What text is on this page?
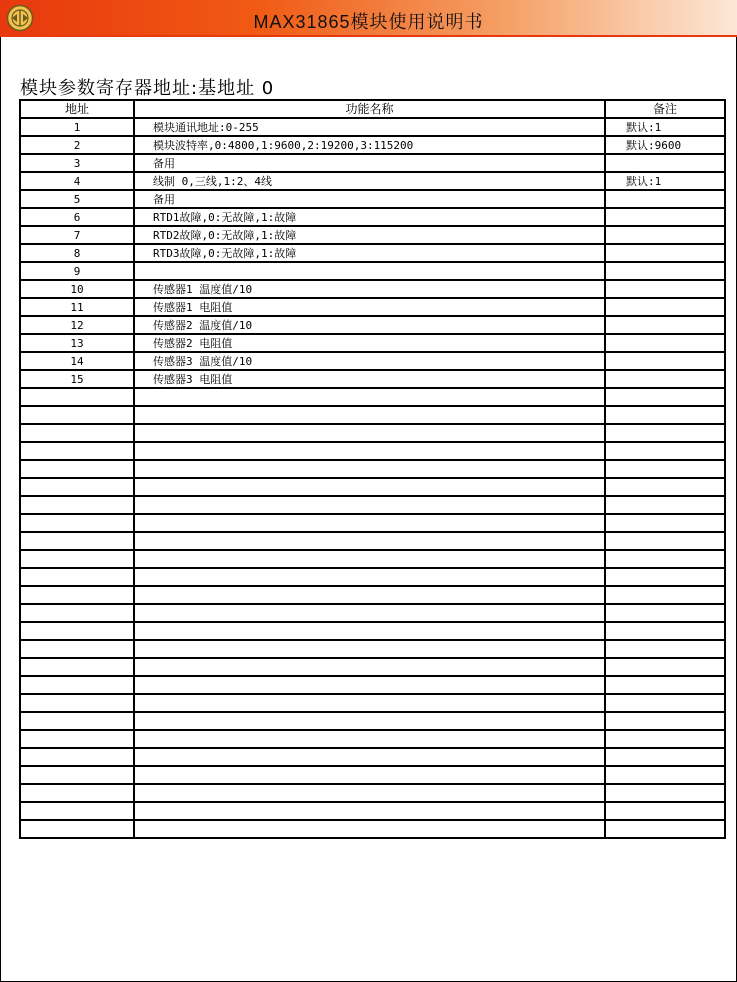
MAX31865模块使用说明书
模块参数寄存器地址:基地址 0
地址	功能名称	备注
1	模块通讯地址:0-255	默认:1
2	模块波特率,0:4800,1:9600,2:19200,3:115200	默认:9600
3	备用	
4	线制 0,三线,1:2、4线	默认:1
5	备用	
6	RTD1故障,0:无故障,1:故障	
7	RTD2故障,0:无故障,1:故障	
8	RTD3故障,0:无故障,1:故障	
9		
10	传感器1 温度值/10	
11	传感器1 电阻值	
12	传感器2 温度值/10	
13	传感器2 电阻值	
14	传感器3 温度值/10	
15	传感器3 电阻值	
